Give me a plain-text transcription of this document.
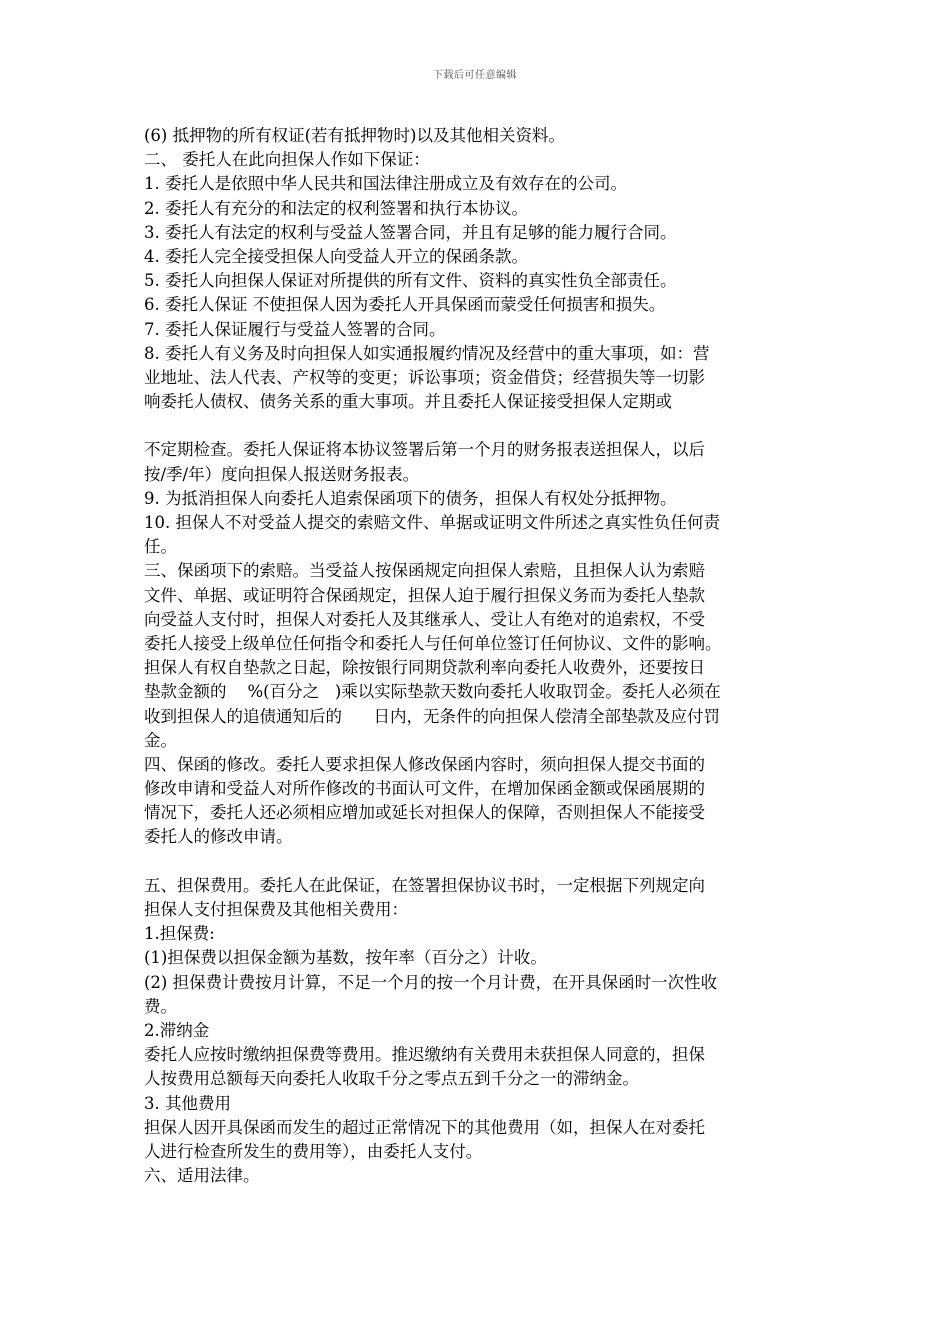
下载后可任意编辑
(6) 抵押物的所有权证(若有抵押物时)以及其他相关资料。
二、 委托人在此向担保人作如下保证：
1. 委托人是依照中华人民共和国法律注册成立及有效存在的公司。
2. 委托人有充分的和法定的权利签署和执行本协议。
3. 委托人有法定的权利与受益人签署合同，并且有足够的能力履行合同。
4. 委托人完全接受担保人向受益人开立的保函条款。
5. 委托人向担保人保证对所提供的所有文件、资料的真实性负全部责任。
6. 委托人保证 不使担保人因为委托人开具保函而蒙受任何损害和损失。
7. 委托人保证履行与受益人签署的合同。
8. 委托人有义务及时向担保人如实通报履约情况及经营中的重大事项，如：营
业地址、法人代表、产权等的变更；诉讼事项；资金借贷；经营损失等一切影
响委托人债权、债务关系的重大事项。并且委托人保证接受担保人定期或
不定期检查。委托人保证将本协议签署后第一个月的财务报表送担保人，以后
按/季/年）度向担保人报送财务报表。
9. 为抵消担保人向委托人追索保函项下的债务，担保人有权处分抵押物。
10. 担保人不对受益人提交的索赔文件、单据或证明文件所述之真实性负任何责
任。
三、保函项下的索赔。当受益人按保函规定向担保人索赔，且担保人认为索赔
文件、单据、或证明符合保函规定，担保人迫于履行担保义务而为委托人垫款
向受益人支付时，担保人对委托人及其继承人、受让人有绝对的追索权，不受
委托人接受上级单位任何指令和委托人与任何单位签订任何协议、文件的影响。
担保人有权自垫款之日起，除按银行同期贷款利率向委托人收费外，还要按日
垫款金额的    %(百分之   )乘以实际垫款天数向委托人收取罚金。委托人必须在
收到担保人的追债通知后的      日内，无条件的向担保人偿清全部垫款及应付罚
金。
四、保函的修改。委托人要求担保人修改保函内容时，须向担保人提交书面的
修改申请和受益人对所作修改的书面认可文件，在增加保函金额或保函展期的
情况下，委托人还必须相应增加或延长对担保人的保障，否则担保人不能接受
委托人的修改申请。
五、担保费用。委托人在此保证，在签署担保协议书时，一定根据下列规定向
担保人支付担保费及其他相关费用：
1.担保费:
(1)担保费以担保金额为基数，按年率（百分之）计收。
(2) 担保费计费按月计算，不足一个月的按一个月计费，在开具保函时一次性收
费。
2.滞纳金
委托人应按时缴纳担保费等费用。推迟缴纳有关费用未获担保人同意的，担保
人按费用总额每天向委托人收取千分之零点五到千分之一的滞纳金。
3. 其他费用
担保人因开具保函而发生的超过正常情况下的其他费用（如，担保人在对委托
人进行检查所发生的费用等），由委托人支付。
六、适用法律。
